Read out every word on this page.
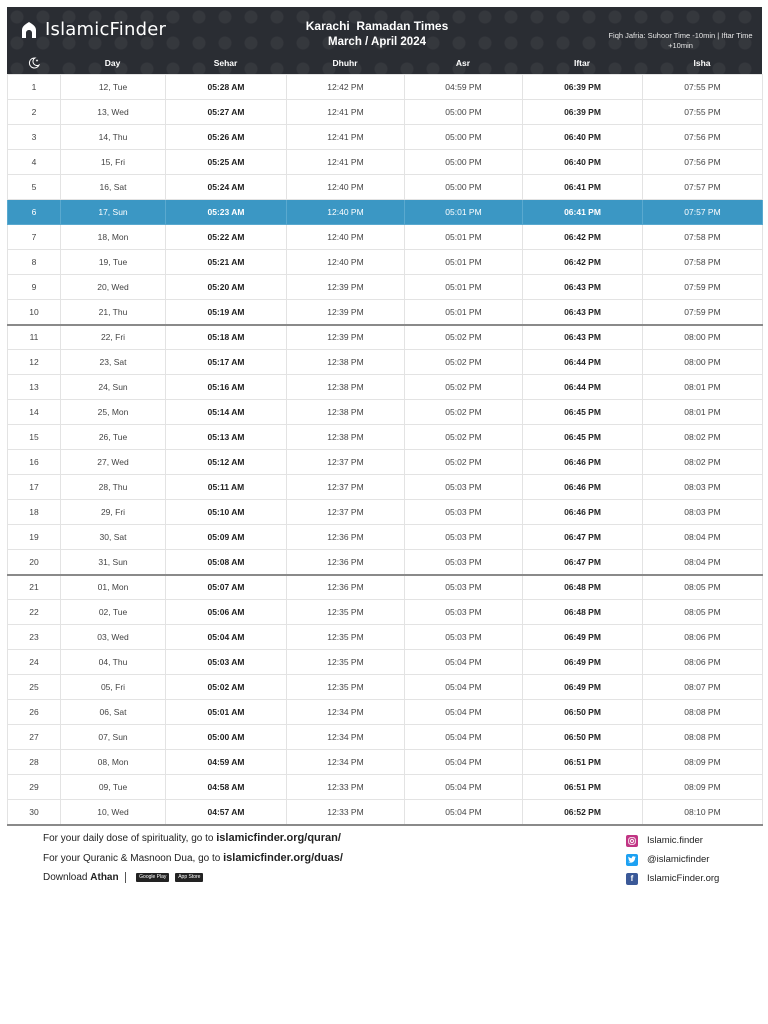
IslamicFinder	Karachi  Ramadan Times
March / April 2024
Fiqh Jafria: Suhoor Time -10min | Iftar Time +10min
Day	Sehar	Dhuhr	Asr	Iftar	Isha
1	12, Tue	05:28 AM	12:42 PM	04:59 PM	06:39 PM	07:55 PM
2	13, Wed	05:27 AM	12:41 PM	05:00 PM	06:39 PM	07:55 PM
3	14, Thu	05:26 AM	12:41 PM	05:00 PM	06:40 PM	07:56 PM
4	15, Fri	05:25 AM	12:41 PM	05:00 PM	06:40 PM	07:56 PM
5	16, Sat	05:24 AM	12:40 PM	05:00 PM	06:41 PM	07:57 PM
6	17, Sun	05:23 AM	12:40 PM	05:01 PM	06:41 PM	07:57 PM
7	18, Mon	05:22 AM	12:40 PM	05:01 PM	06:42 PM	07:58 PM
8	19, Tue	05:21 AM	12:40 PM	05:01 PM	06:42 PM	07:58 PM
9	20, Wed	05:20 AM	12:39 PM	05:01 PM	06:43 PM	07:59 PM
10	21, Thu	05:19 AM	12:39 PM	05:01 PM	06:43 PM	07:59 PM
11	22, Fri	05:18 AM	12:39 PM	05:02 PM	06:43 PM	08:00 PM
12	23, Sat	05:17 AM	12:38 PM	05:02 PM	06:44 PM	08:00 PM
13	24, Sun	05:16 AM	12:38 PM	05:02 PM	06:44 PM	08:01 PM
14	25, Mon	05:14 AM	12:38 PM	05:02 PM	06:45 PM	08:01 PM
15	26, Tue	05:13 AM	12:38 PM	05:02 PM	06:45 PM	08:02 PM
16	27, Wed	05:12 AM	12:37 PM	05:02 PM	06:46 PM	08:02 PM
17	28, Thu	05:11 AM	12:37 PM	05:03 PM	06:46 PM	08:03 PM
18	29, Fri	05:10 AM	12:37 PM	05:03 PM	06:46 PM	08:03 PM
19	30, Sat	05:09 AM	12:36 PM	05:03 PM	06:47 PM	08:04 PM
20	31, Sun	05:08 AM	12:36 PM	05:03 PM	06:47 PM	08:04 PM
21	01, Mon	05:07 AM	12:36 PM	05:03 PM	06:48 PM	08:05 PM
22	02, Tue	05:06 AM	12:35 PM	05:03 PM	06:48 PM	08:05 PM
23	03, Wed	05:04 AM	12:35 PM	05:03 PM	06:49 PM	08:06 PM
24	04, Thu	05:03 AM	12:35 PM	05:04 PM	06:49 PM	08:06 PM
25	05, Fri	05:02 AM	12:35 PM	05:04 PM	06:49 PM	08:07 PM
26	06, Sat	05:01 AM	12:34 PM	05:04 PM	06:50 PM	08:08 PM
27	07, Sun	05:00 AM	12:34 PM	05:04 PM	06:50 PM	08:08 PM
28	08, Mon	04:59 AM	12:34 PM	05:04 PM	06:51 PM	08:09 PM
29	09, Tue	04:58 AM	12:33 PM	05:04 PM	06:51 PM	08:09 PM
30	10, Wed	04:57 AM	12:33 PM	05:04 PM	06:52 PM	08:10 PM
For your daily dose of spirituality, go to islamicfinder.org/quran/
For your Quranic & Masnoon Dua, go to islamicfinder.org/duas/
Download Athan	Google Play App Store
Islamic.finder
@islamicfinder
f	IslamicFinder.org
